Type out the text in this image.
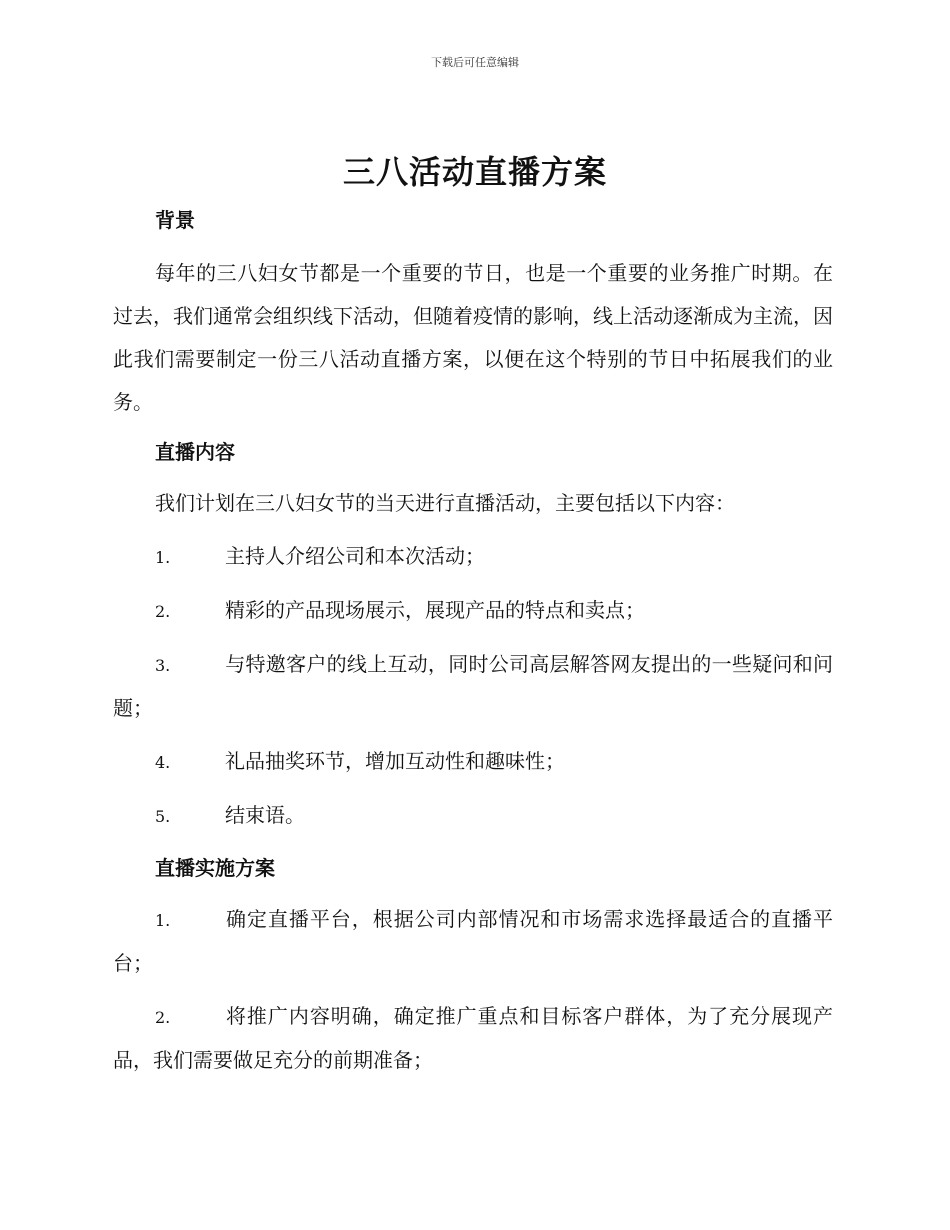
下载后可任意编辑
三八活动直播方案
背景

每年的三八妇女节都是一个重要的节日，也是一个重要的业务推广时期。在过去，我们通常会组织线下活动，但随着疫情的影响，线上活动逐渐成为主流，因此我们需要制定一份三八活动直播方案，以便在这个特别的节日中拓展我们的业务。

直播内容

我们计划在三八妇女节的当天进行直播活动，主要包括以下内容：

1.	主持人介绍公司和本次活动；

2.	精彩的产品现场展示，展现产品的特点和卖点；

3.	与特邀客户的线上互动，同时公司高层解答网友提出的一些疑问和问题；

4.	礼品抽奖环节，增加互动性和趣味性；

5.	结束语。

直播实施方案

1.	确定直播平台，根据公司内部情况和市场需求选择最适合的直播平台；

2.	将推广内容明确，确定推广重点和目标客户群体，为了充分展现产品，我们需要做足充分的前期准备；
